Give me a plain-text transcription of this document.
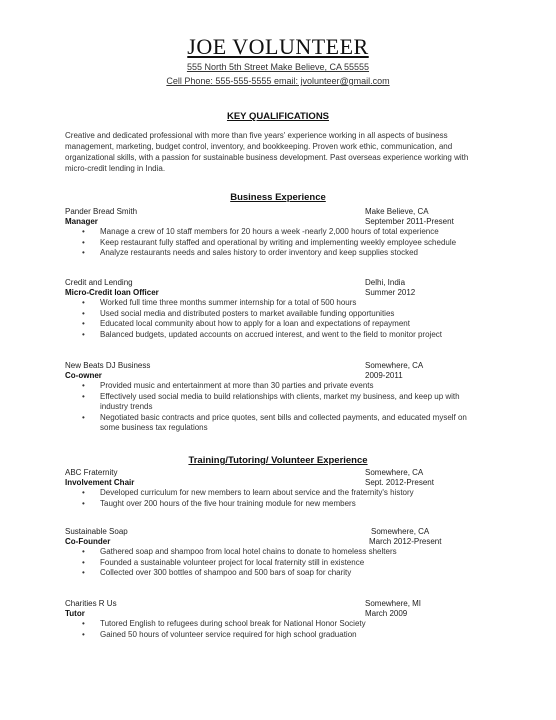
JOE VOLUNTEER
555 North 5th Street Make Believe, CA 55555
Cell Phone: 555-555-5555 email: jvolunteer@gmail.com
KEY QUALIFICATIONS
Creative and dedicated professional with more than five years' experience working in all aspects of business
management, marketing, budget control, inventory, and bookkeeping. Proven work ethic, communication, and
organizational skills, with a passion for sustainable business development. Past overseas experience working with
micro-credit lending in India.
Business Experience
Pander Bread Smith	Make Believe, CA
Manager	September 2011-Present
• Manage a crew of 10 staff members for 20 hours a week -nearly 2,000 hours of total experience
• Keep restaurant fully staffed and operational by writing and implementing weekly employee schedule
• Analyze restaurants needs and sales history to order inventory and keep supplies stocked
Credit and Lending	Delhi, India
Micro-Credit loan Officer	Summer 2012
• Worked full time three months summer internship for a total of 500 hours
• Used social media and distributed posters to market available funding opportunities
• Educated local community about how to apply for a loan and expectations of repayment
• Balanced budgets, updated accounts on accrued interest, and went to the field to monitor project
New Beats DJ Business	Somewhere, CA
Co-owner	2009-2011
• Provided music and entertainment at more than 30 parties and private events
• Effectively used social media to build relationships with clients, market my business, and keep up with industry trends
• Negotiated basic contracts and price quotes, sent bills and collected payments, and educated myself on some business tax regulations
Training/Tutoring/ Volunteer Experience
ABC Fraternity	Somewhere, CA
Involvement Chair	Sept. 2012-Present
• Developed curriculum for new members to learn about service and the fraternity's history
• Taught over 200 hours of the five hour training module for new members
Sustainable Soap	Somewhere, CA
Co-Founder	March 2012-Present
• Gathered soap and shampoo from local hotel chains to donate to homeless shelters
• Founded a sustainable volunteer project for local fraternity still in existence
• Collected over 300 bottles of shampoo and 500 bars of soap for charity
Charities R Us	Somewhere, MI
Tutor	March 2009
• Tutored English to refugees during school break for National Honor Society
• Gained 50 hours of volunteer service required for high school graduation
